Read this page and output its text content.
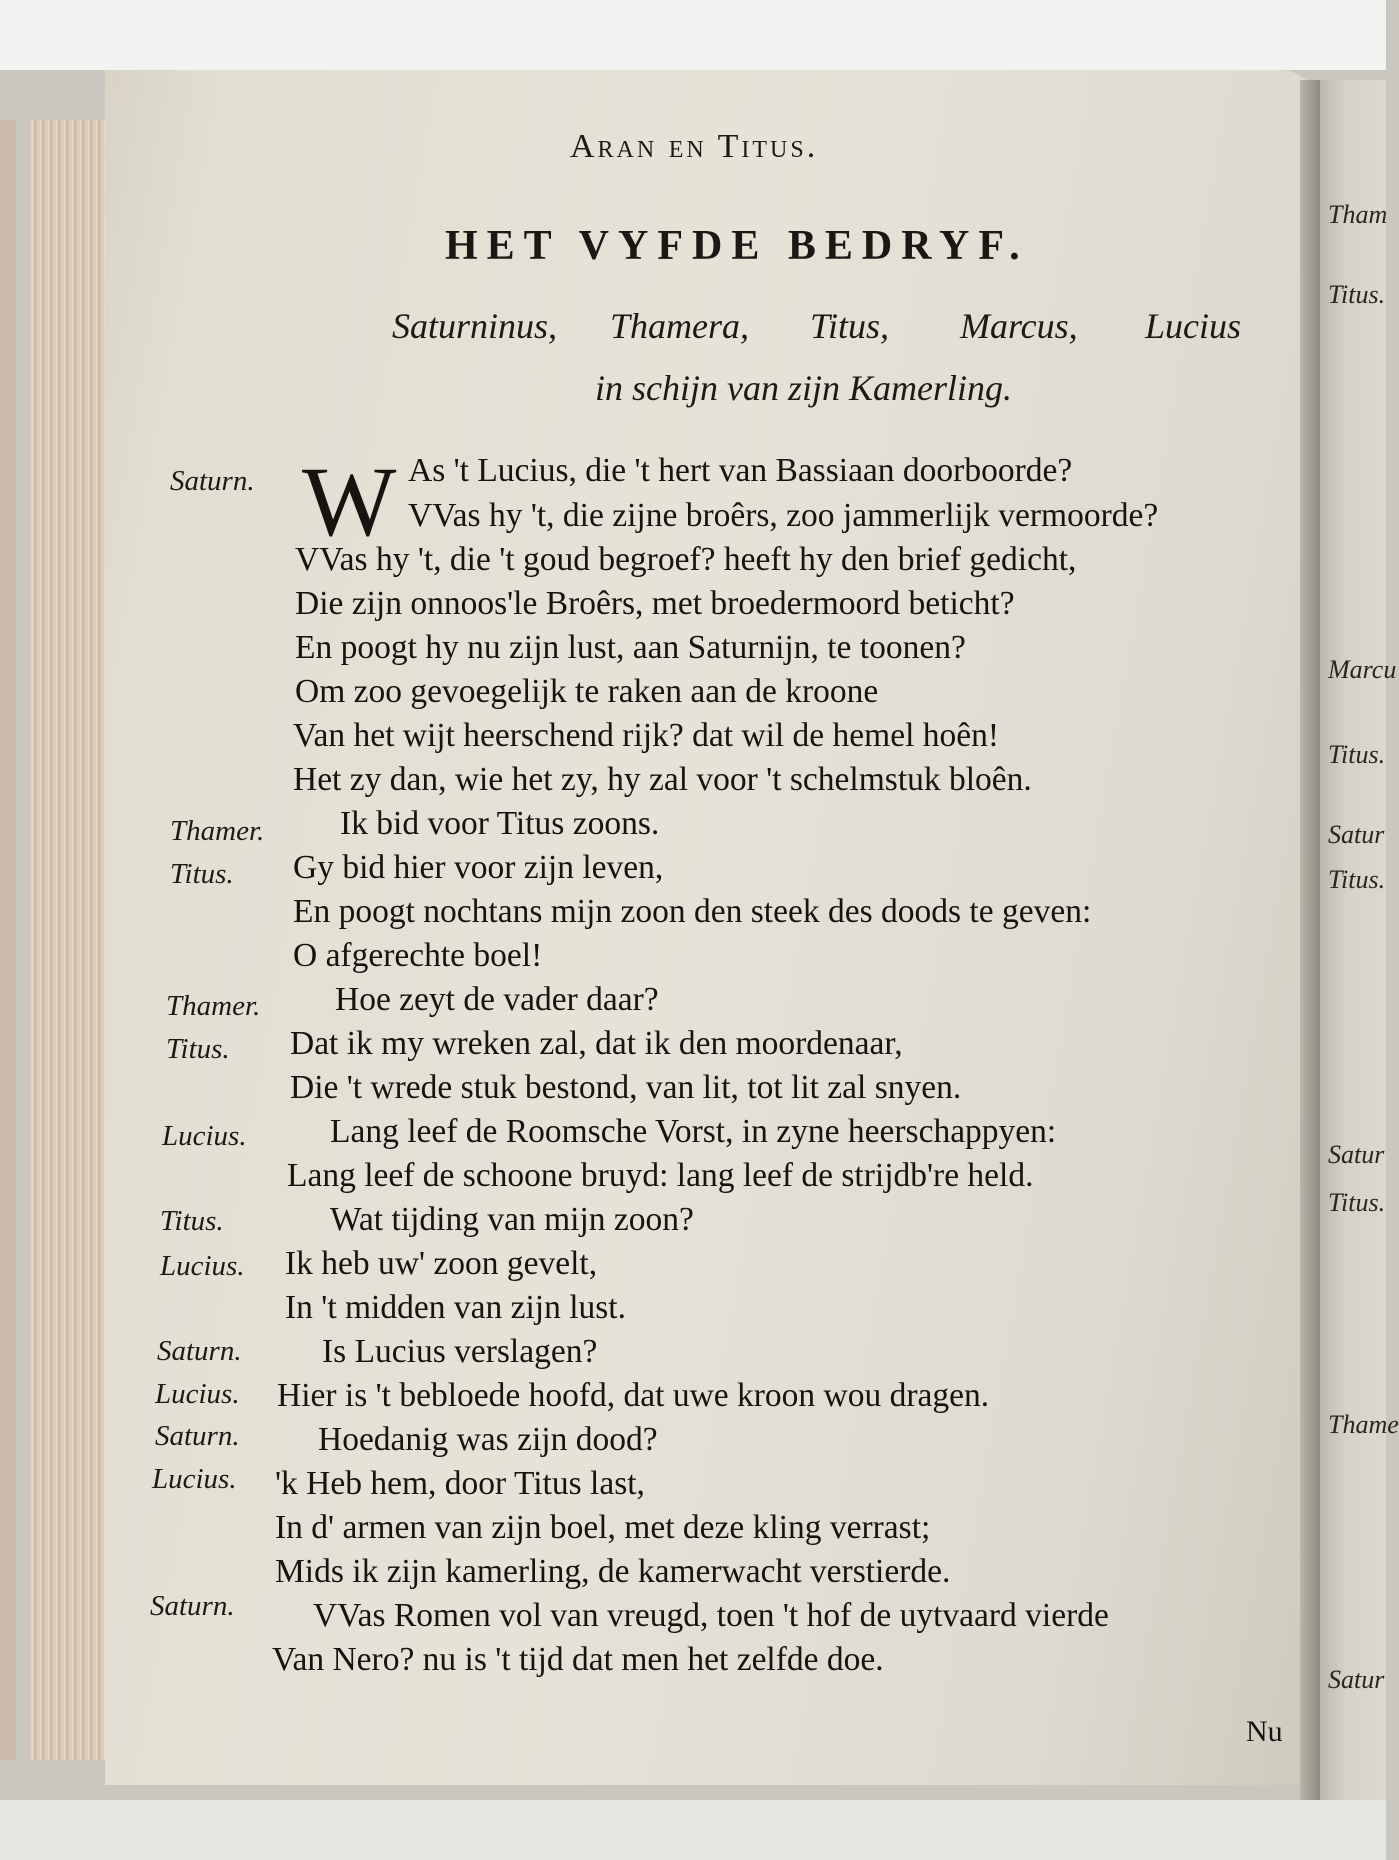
Tham
Titus.
Marcu
Titus.
Satur
Titus.
Satur
Titus.
Thame
Satur
Aran en Titus.
HET VYFDE BEDRYF.
Saturninus, Thamera, Titus, Marcus, Lucius
in schijn van zijn Kamerling.
W
Saturn.
Thamer.
Titus.
Thamer.
Titus.
Lucius.
Titus.
Lucius.
Saturn.
Lucius.
Saturn.
Lucius.
Saturn.
As 't Lucius, die 't hert van Bassiaan doorboorde?
VVas hy 't, die zijne broêrs, zoo jammerlijk vermoorde?
VVas hy 't, die 't goud begroef? heeft hy den brief gedicht,
Die zijn onnoos'le Broêrs, met broedermoord beticht?
En poogt hy nu zijn lust, aan Saturnijn, te toonen?
Om zoo gevoegelijk te raken aan de kroone
Van het wijt heerschend rijk? dat wil de hemel hoên!
Het zy dan, wie het zy, hy zal voor 't schelmstuk bloên.
Ik bid voor Titus zoons.
Gy bid hier voor zijn leven,
En poogt nochtans mijn zoon den steek des doods te geven:
O afgerechte boel!
Hoe zeyt de vader daar?
Dat ik my wreken zal, dat ik den moordenaar,
Die 't wrede stuk bestond, van lit, tot lit zal snyen.
Lang leef de Roomsche Vorst, in zyne heerschappyen:
Lang leef de schoone bruyd: lang leef de strijdb're held.
Wat tijding van mijn zoon?
Ik heb uw' zoon gevelt,
In 't midden van zijn lust.
Is Lucius verslagen?
Hier is 't bebloede hoofd, dat uwe kroon wou dragen.
Hoedanig was zijn dood?
'k Heb hem, door Titus last,
In d' armen van zijn boel, met deze kling verrast;
Mids ik zijn kamerling, de kamerwacht verstierde.
VVas Romen vol van vreugd, toen 't hof de uytvaard vierde
Van Nero? nu is 't tijd dat men het zelfde doe.
Nu
